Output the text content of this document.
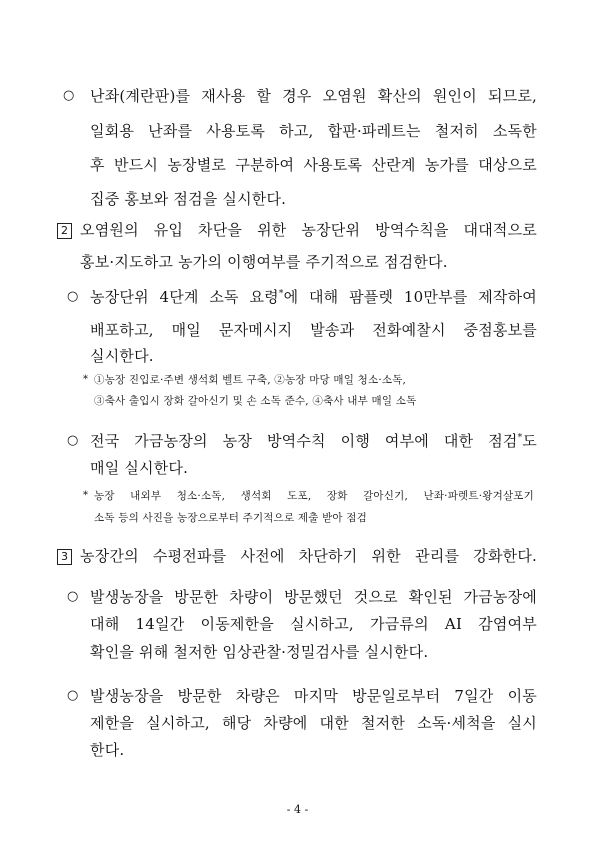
○ 난좌(계란판)를 재사용 할 경우 오염원 확산의 원인이 되므로,
일회용 난좌를 사용토록 하고, 합판·파레트는 철저히 소독한
후 반드시 농장별로 구분하여 사용토록 산란계 농가를 대상으로
집중 홍보와 점검을 실시한다.
2 오염원의 유입 차단을 위한 농장단위 방역수칙을 대대적으로
홍보·지도하고 농가의 이행여부를 주기적으로 점검한다.
○ 농장단위 4단계 소독 요령*에 대해 팜플렛 10만부를 제작하여
배포하고, 매일 문자메시지 발송과 전화예찰시 중점홍보를
실시한다.
* ①농장 진입로·주변 생석회 벨트 구축, ②농장 마당 매일 청소·소독,
③축사 출입시 장화 갈아신기 및 손 소독 준수, ④축사 내부 매일 소독
○ 전국 가금농장의 농장 방역수칙 이행 여부에 대한 점검*도
매일 실시한다.
* 농장 내외부 청소·소독, 생석회 도포, 장화 갈아신기, 난좌·파렛트·왕겨살포기
소독 등의 사진을 농장으로부터 주기적으로 제출 받아 점검
3 농장간의 수평전파를 사전에 차단하기 위한 관리를 강화한다.
○ 발생농장을 방문한 차량이 방문했던 것으로 확인된 가금농장에
대해 14일간 이동제한을 실시하고, 가금류의 AI 감염여부
확인을 위해 철저한 임상관찰·정밀검사를 실시한다.
○ 발생농장을 방문한 차량은 마지막 방문일로부터 7일간 이동
제한을 실시하고, 해당 차량에 대한 철저한 소독·세척을 실시
한다.
- 4 -
